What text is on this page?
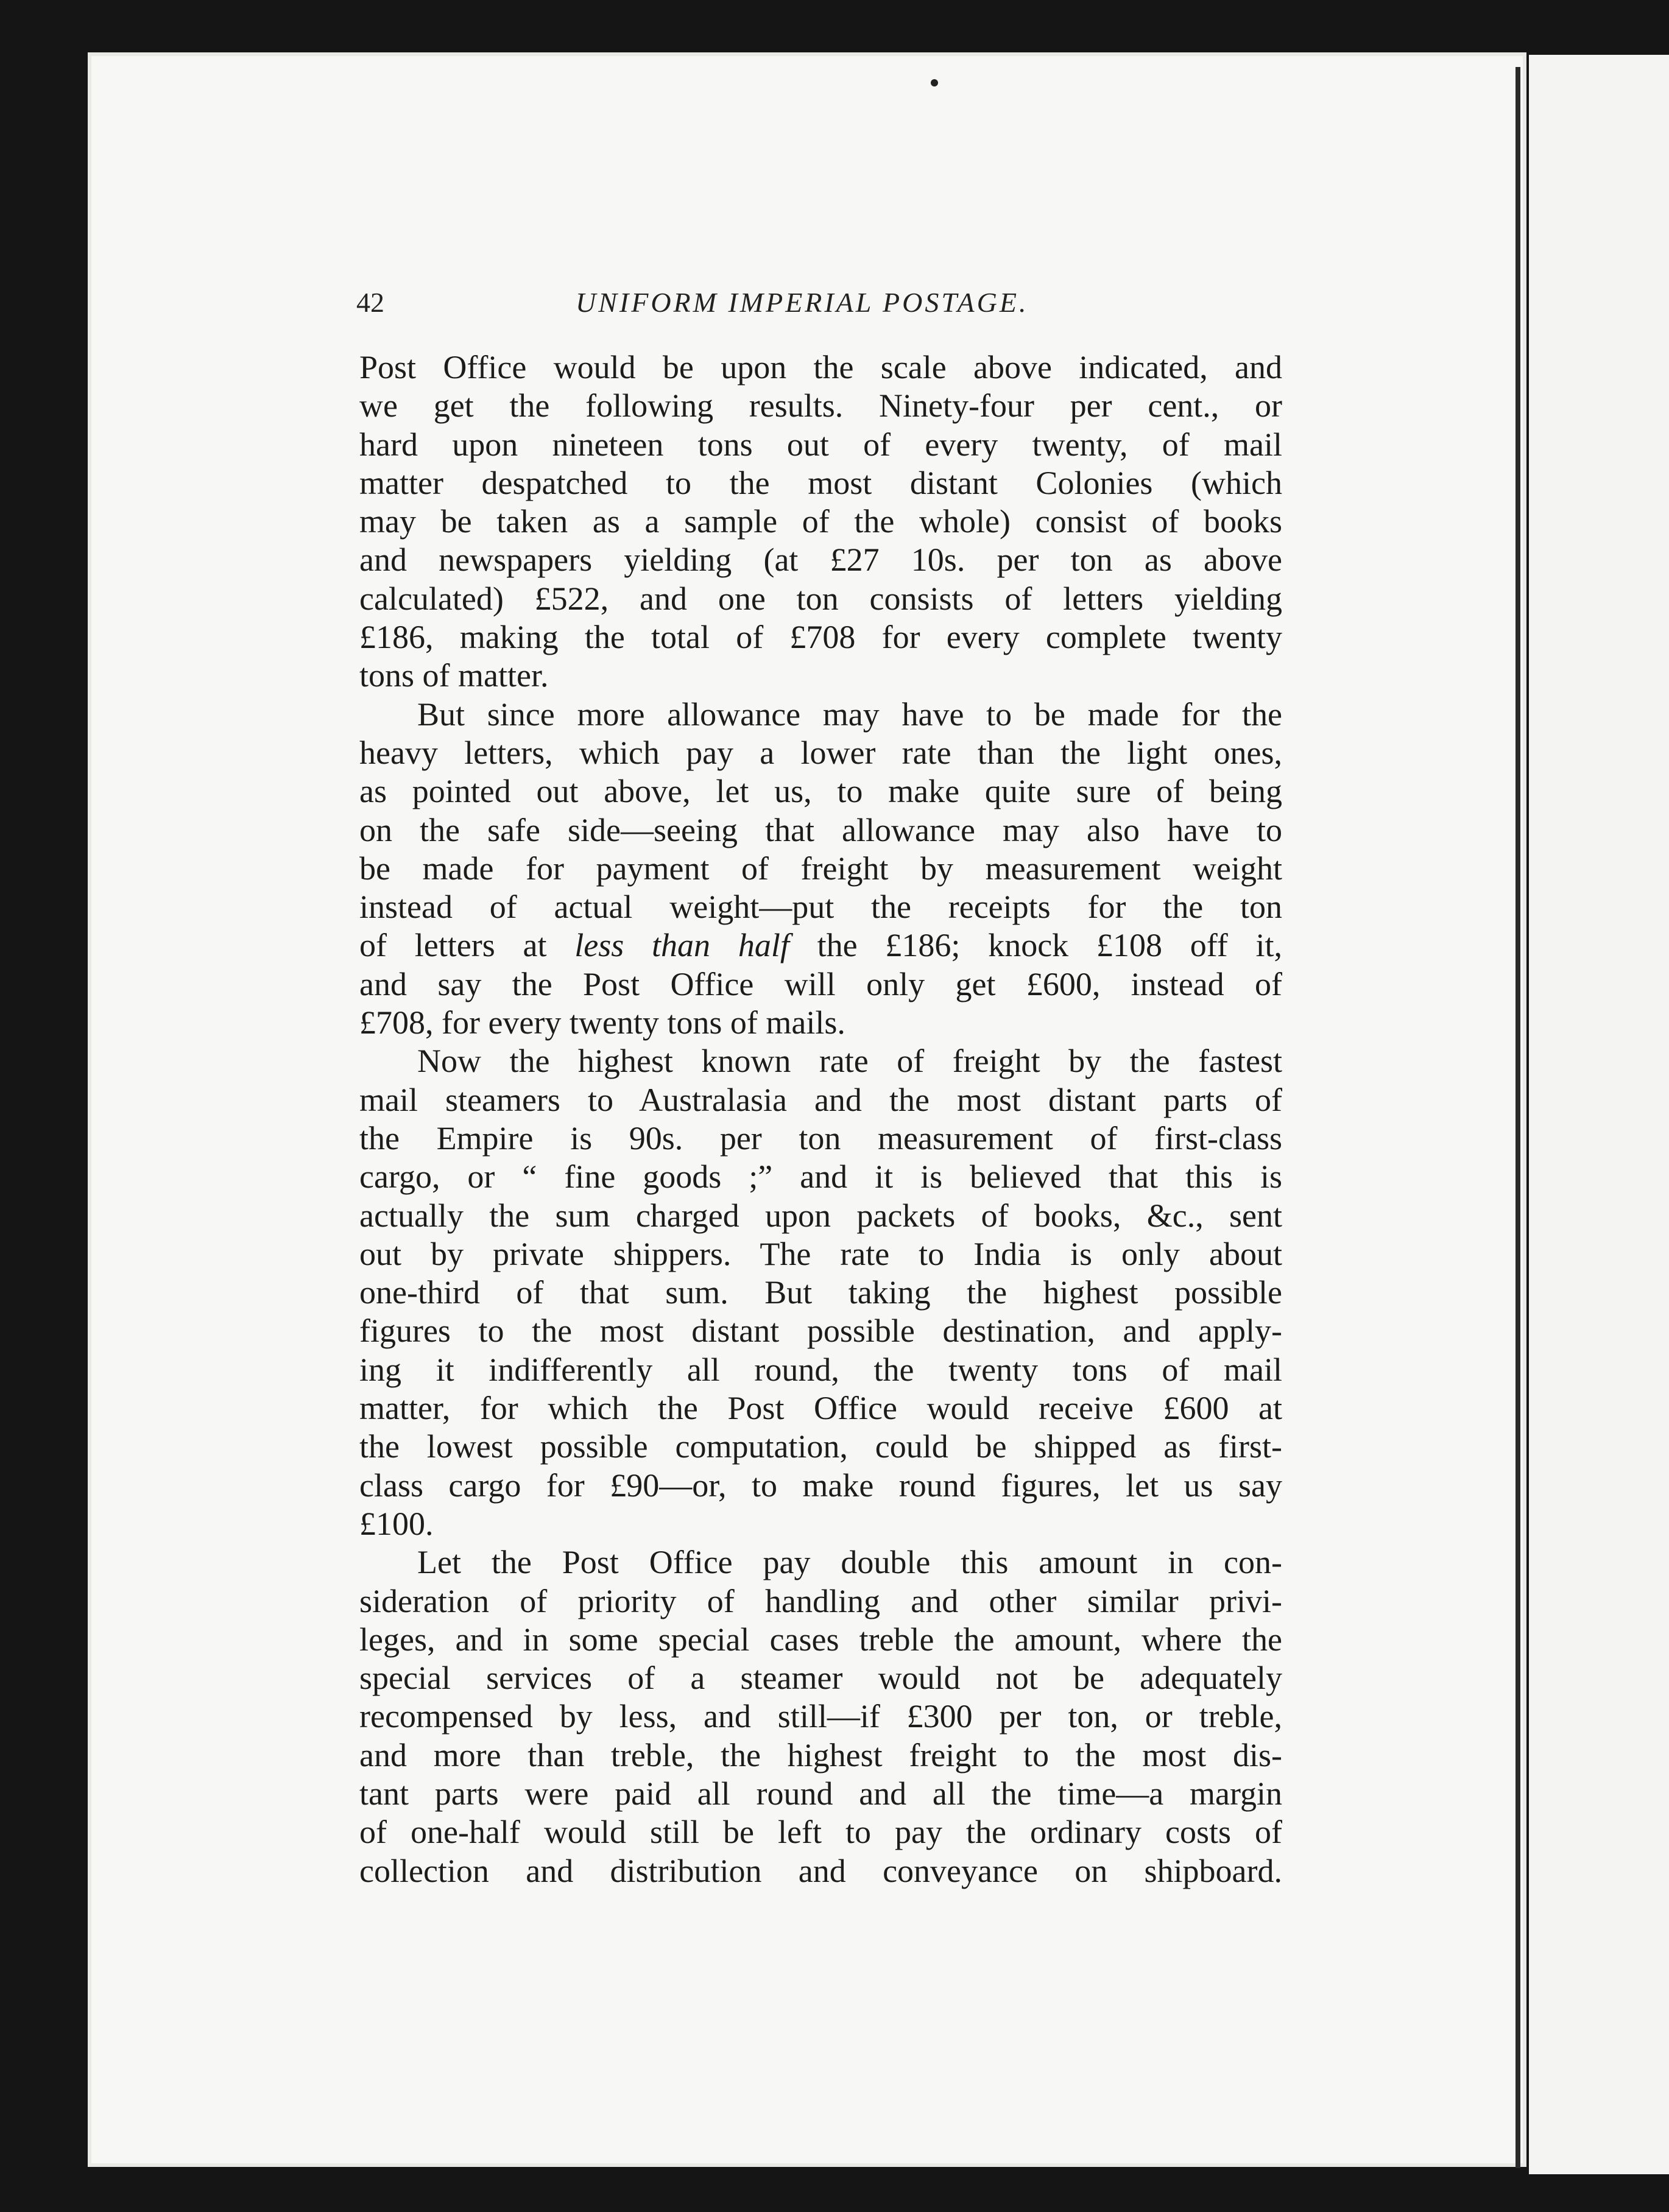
42	UNIFORM IMPERIAL POSTAGE.

Post Office would be upon the scale above indicated, and
we get the following results. Ninety-four per cent., or
hard upon nineteen tons out of every twenty, of mail
matter despatched to the most distant Colonies (which
may be taken as a sample of the whole) consist of books
and newspapers yielding (at £27 10s. per ton as above
calculated) £522, and one ton consists of letters yielding
£186, making the total of £708 for every complete twenty
tons of matter.

But since more allowance may have to be made for the
heavy letters, which pay a lower rate than the light ones,
as pointed out above, let us, to make quite sure of being
on the safe side—seeing that allowance may also have to
be made for payment of freight by measurement weight
instead of actual weight—put the receipts for the ton
of letters at less than half the £186; knock £108 off it,
and say the Post Office will only get £600, instead of
£708, for every twenty tons of mails.

Now the highest known rate of freight by the fastest
mail steamers to Australasia and the most distant parts of
the Empire is 90s. per ton measurement of first-class
cargo, or “ fine goods ;” and it is believed that this is
actually the sum charged upon packets of books, &c., sent
out by private shippers. The rate to India is only about
one-third of that sum. But taking the highest possible
figures to the most distant possible destination, and apply-
ing it indifferently all round, the twenty tons of mail
matter, for which the Post Office would receive £600 at
the lowest possible computation, could be shipped as first-
class cargo for £90—or, to make round figures, let us say
£100.

Let the Post Office pay double this amount in con-
sideration of priority of handling and other similar privi-
leges, and in some special cases treble the amount, where the
special services of a steamer would not be adequately
recompensed by less, and still—if £300 per ton, or treble,
and more than treble, the highest freight to the most dis-
tant parts were paid all round and all the time—a margin
of one-half would still be left to pay the ordinary costs of
collection and distribution and conveyance on shipboard.
